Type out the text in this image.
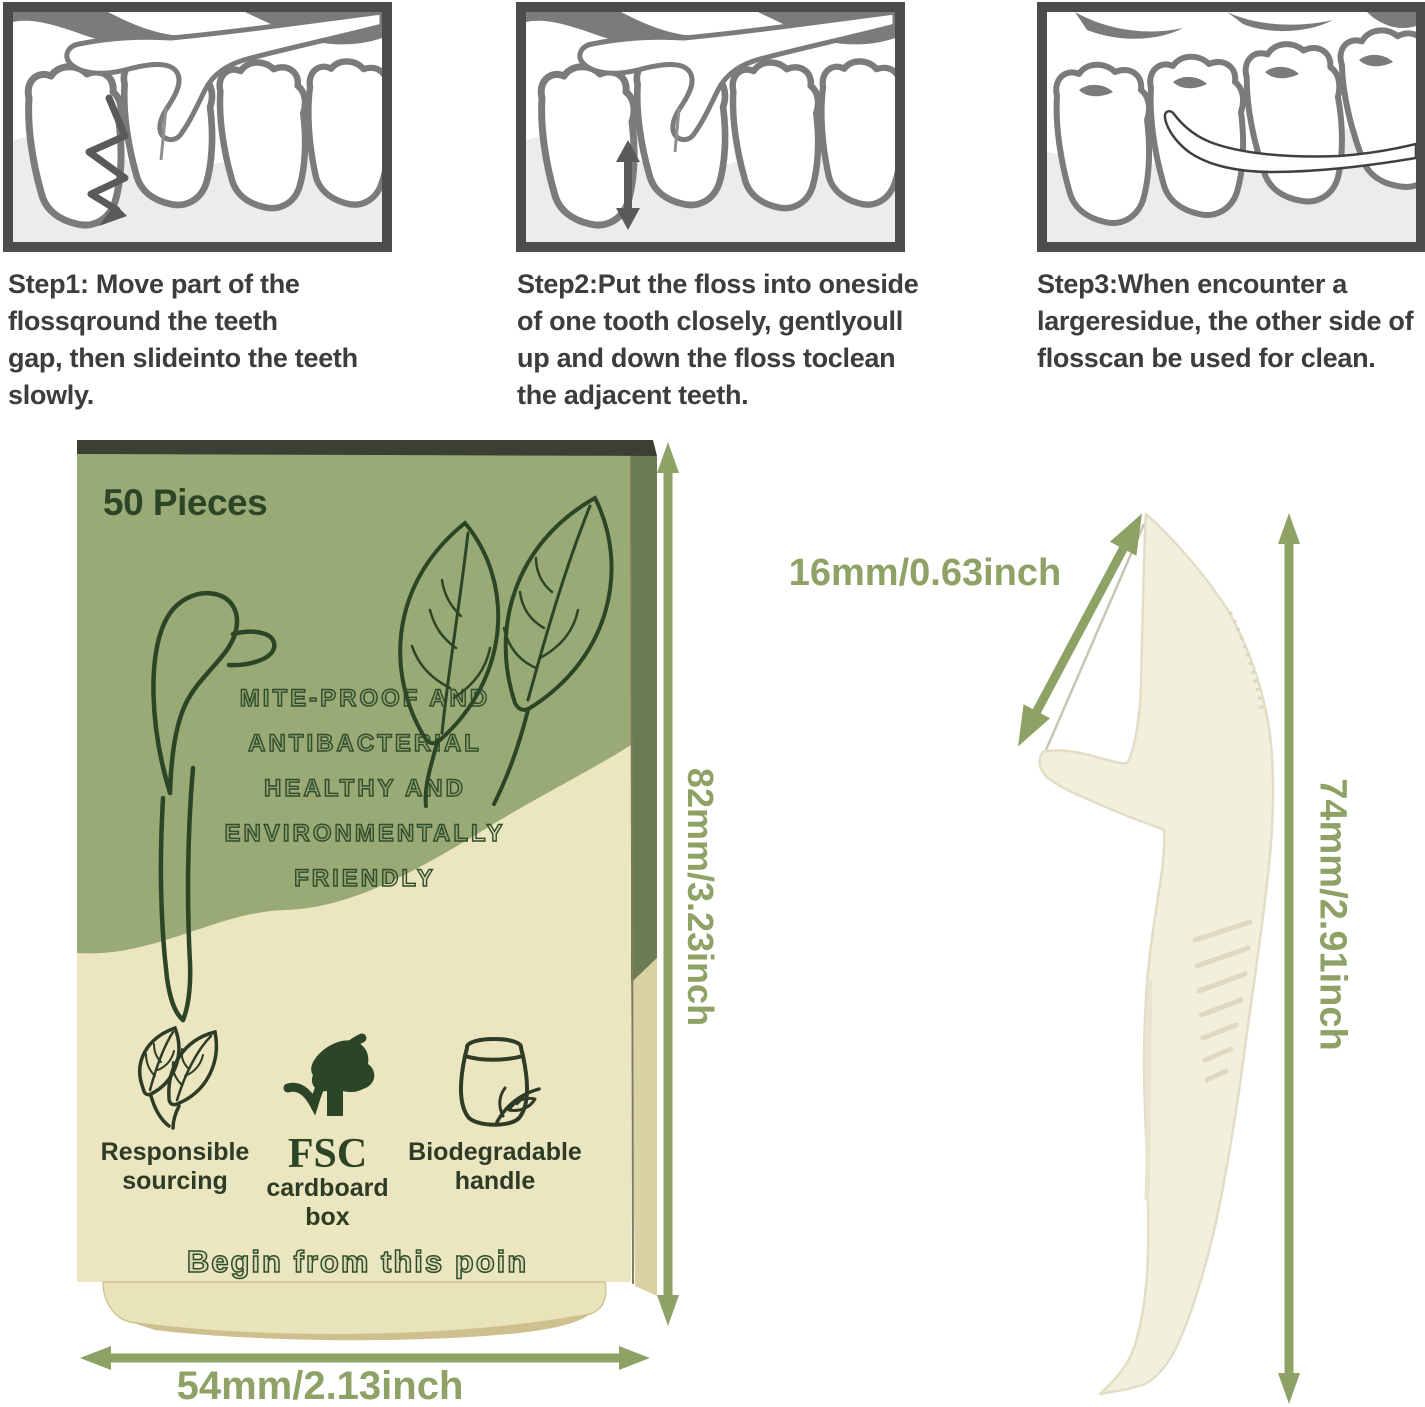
Step1: Move part of the
flossqround the teeth
gap, then slideinto the teeth
slowly.
Step2:Put the floss into oneside
of one tooth closely, gentlyoull
up and down the floss toclean
the adjacent teeth.
Step3:When encounter a
largeresidue, the other side of
flosscan be used for clean.
50 Pieces
MITE-PROOF AND
ANTIBACTERIAL
HEALTHY AND
ENVIRONMENTALLY
FRIENDLY
Responsible
sourcing
FSC
cardboard
box
Biodegradable
handle
Begin from this poin
82mm/3.23inch
54mm/2.13inch
16mm/0.63inch
74mm/2.91inch
